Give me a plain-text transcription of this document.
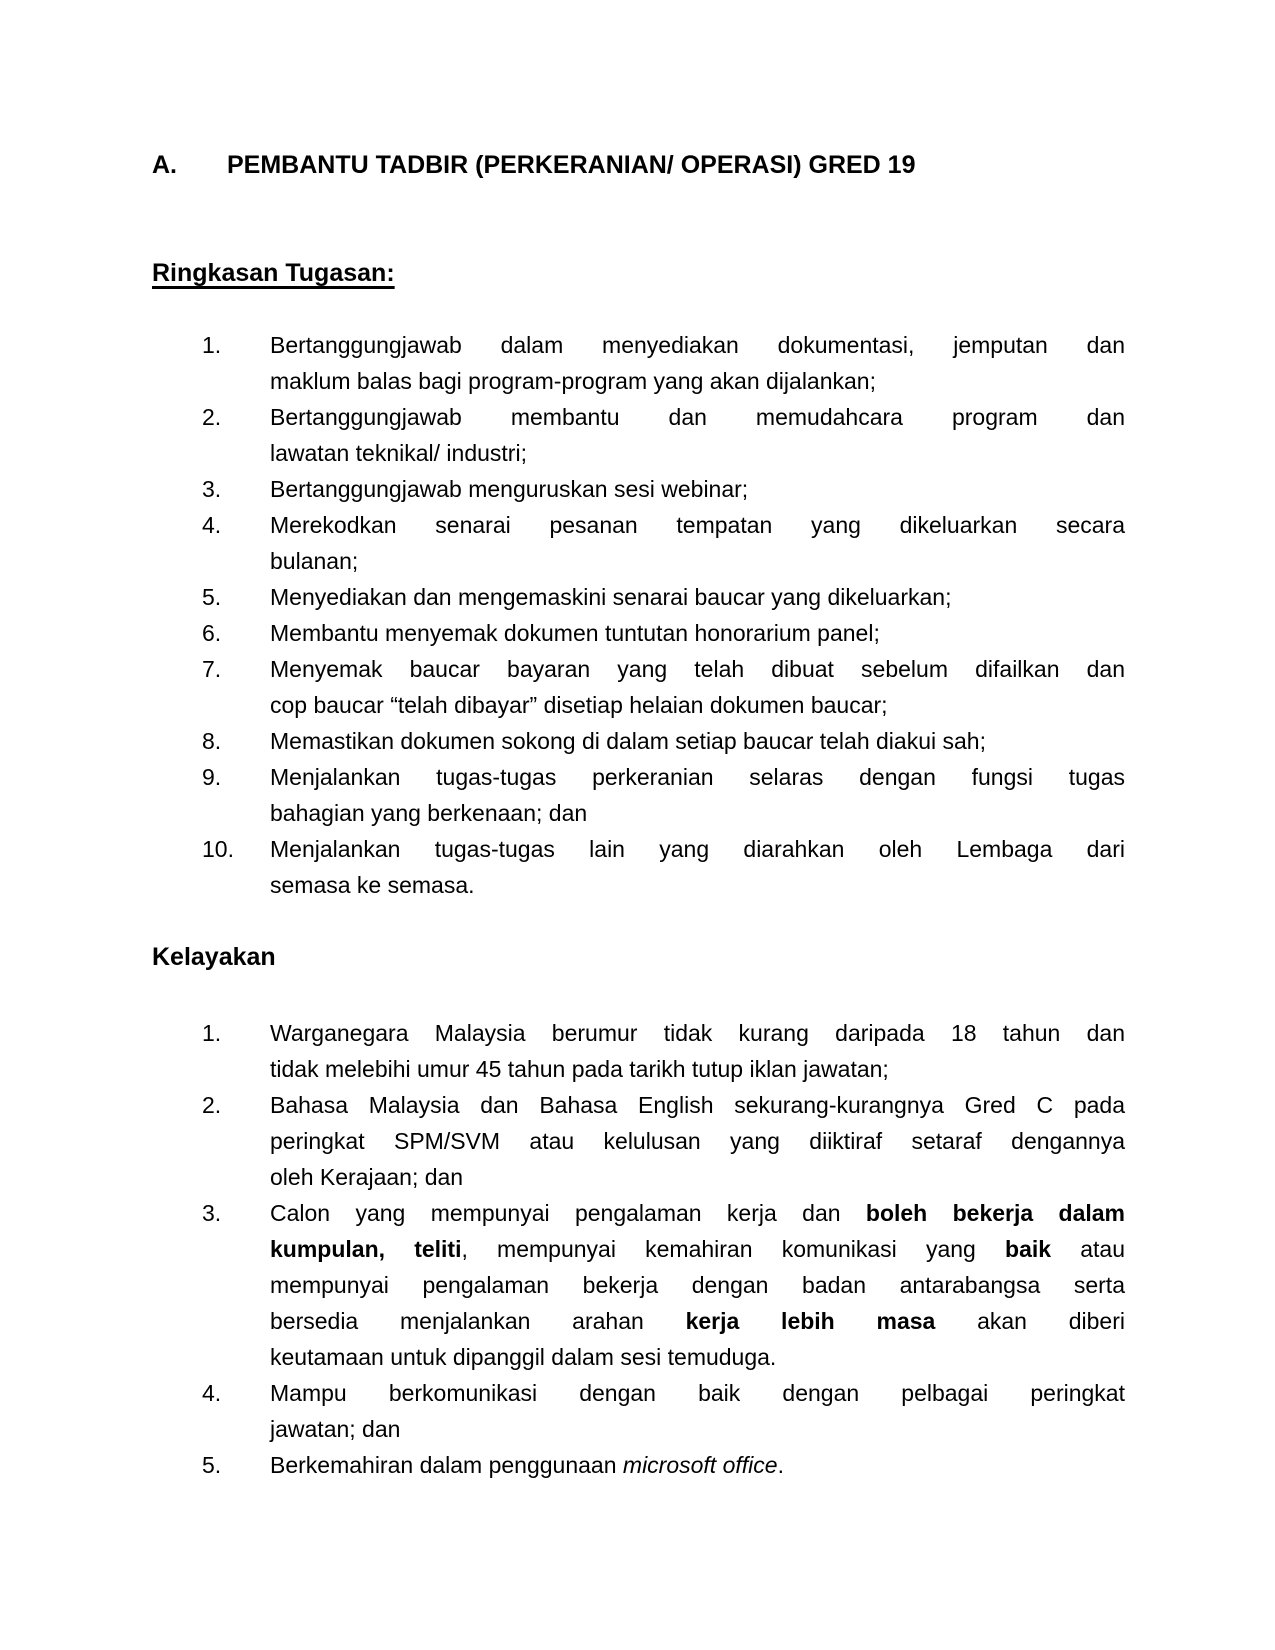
A.	PEMBANTU TADBIR (PERKERANIAN/ OPERASI) GRED 19
Ringkasan Tugasan:
1.	Bertanggungjawab dalam menyediakan dokumentasi, jemputan dan
maklum balas bagi program-program yang akan dijalankan;
2.	Bertanggungjawab membantu dan memudahcara program dan
lawatan teknikal/ industri;
3.	Bertanggungjawab menguruskan sesi webinar;
4.	Merekodkan senarai pesanan tempatan yang dikeluarkan secara
bulanan;
5.	Menyediakan dan mengemaskini senarai baucar yang dikeluarkan;
6.	Membantu menyemak dokumen tuntutan honorarium panel;
7.	Menyemak baucar bayaran yang telah dibuat sebelum difailkan dan
cop baucar “telah dibayar” disetiap helaian dokumen baucar;
8.	Memastikan dokumen sokong di dalam setiap baucar telah diakui sah;
9.	Menjalankan tugas-tugas perkeranian selaras dengan fungsi tugas
bahagian yang berkenaan; dan
10.	Menjalankan tugas-tugas lain yang diarahkan oleh Lembaga dari
semasa ke semasa.
Kelayakan
1.	Warganegara Malaysia berumur tidak kurang daripada 18 tahun dan
tidak melebihi umur 45 tahun pada tarikh tutup iklan jawatan;
2.	Bahasa Malaysia dan Bahasa English sekurang-kurangnya Gred C pada
peringkat SPM/SVM atau kelulusan yang diiktiraf setaraf dengannya
oleh Kerajaan; dan
3.	Calon yang mempunyai pengalaman kerja dan boleh bekerja dalam
kumpulan, teliti, mempunyai kemahiran komunikasi yang baik atau
mempunyai pengalaman bekerja dengan badan antarabangsa serta
bersedia menjalankan arahan kerja lebih masa akan diberi
keutamaan untuk dipanggil dalam sesi temuduga.
4.	Mampu berkomunikasi dengan baik dengan pelbagai peringkat
jawatan; dan
5.	Berkemahiran dalam penggunaan microsoft office.
